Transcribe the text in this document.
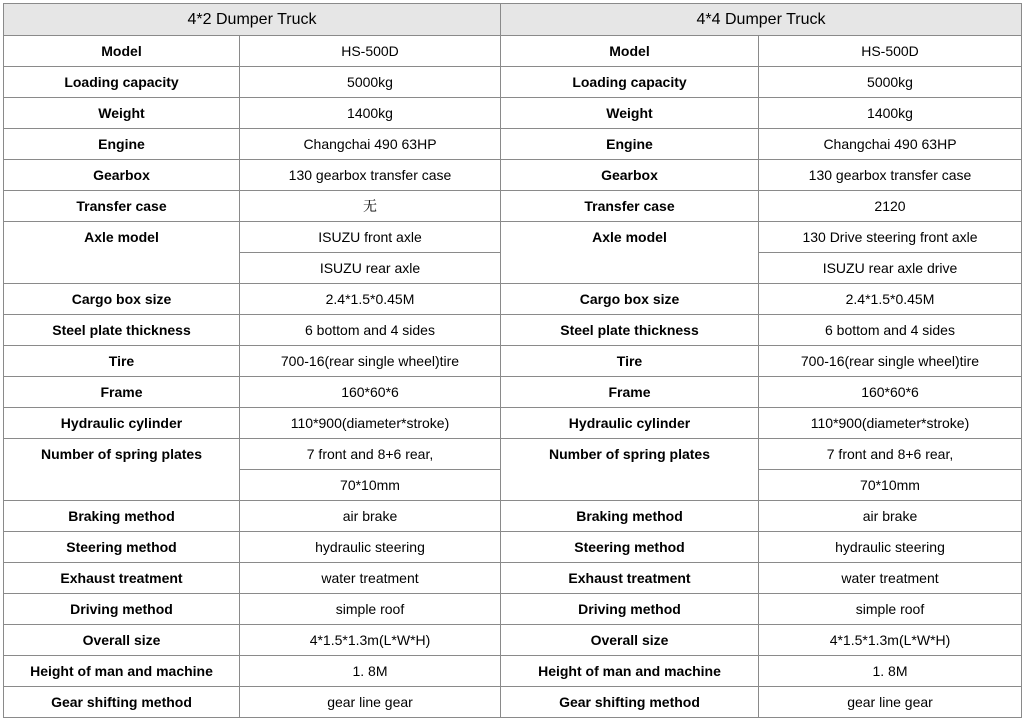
4*2 Dumper Truck		4*4 Dumper Truck	
Model	HS-500D	Model	HS-500D
Loading capacity	5000kg	Loading capacity	5000kg
Weight	1400kg	Weight	1400kg
Engine	Changchai 490 63HP	Engine	Changchai 490 63HP
Gearbox	130 gearbox transfer case	Gearbox	130 gearbox transfer case
Transfer case	无	Transfer case	2120
Axle model	ISUZU front axle	Axle model	130 Drive steering front axle
	ISUZU rear axle		ISUZU rear axle drive
Cargo box size	2.4*1.5*0.45M	Cargo box size	2.4*1.5*0.45M
Steel plate thickness	6 bottom and 4 sides	Steel plate thickness	6 bottom and 4 sides
Tire	700-16(rear single wheel)tire	Tire	700-16(rear single wheel)tire
Frame	160*60*6	Frame	160*60*6
Hydraulic cylinder	110*900(diameter*stroke)	Hydraulic cylinder	110*900(diameter*stroke)
Number of spring plates	7 front and 8+6 rear,	Number of spring plates	7 front and 8+6 rear,
	70*10mm		70*10mm
Braking method	air brake	Braking method	air brake
Steering method	hydraulic steering	Steering method	hydraulic steering
Exhaust treatment	water treatment	Exhaust treatment	water treatment
Driving method	simple roof	Driving method	simple roof
Overall size	4*1.5*1.3m(L*W*H)	Overall size	4*1.5*1.3m(L*W*H)
Height of man and machine	1. 8M	Height of man and machine	1. 8M
Gear shifting method	gear line gear	Gear shifting method	gear line gear
